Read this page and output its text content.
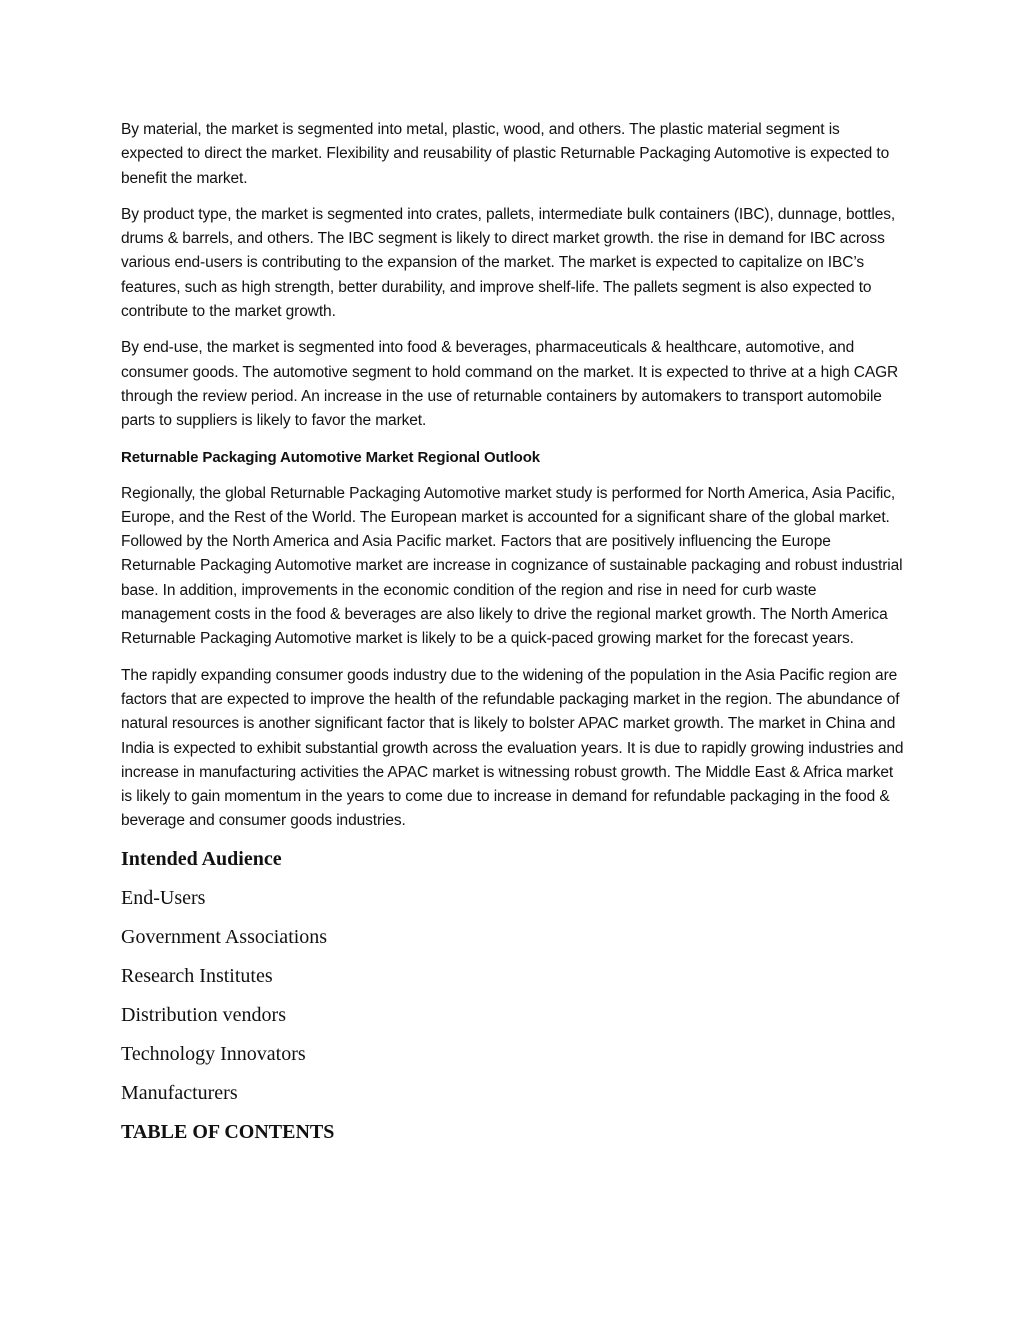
By material, the market is segmented into metal, plastic, wood, and others. The plastic material segment is expected to direct the market. Flexibility and reusability of plastic Returnable Packaging Automotive is expected to benefit the market.

By product type, the market is segmented into crates, pallets, intermediate bulk containers (IBC), dunnage, bottles, drums & barrels, and others. The IBC segment is likely to direct market growth. the rise in demand for IBC across various end-users is contributing to the expansion of the market. The market is expected to capitalize on IBC’s features, such as high strength, better durability, and improve shelf-life. The pallets segment is also expected to contribute to the market growth.

By end-use, the market is segmented into food & beverages, pharmaceuticals & healthcare, automotive, and consumer goods. The automotive segment to hold command on the market. It is expected to thrive at a high CAGR through the review period. An increase in the use of returnable containers by automakers to transport automobile parts to suppliers is likely to favor the market.

Returnable Packaging Automotive Market Regional Outlook

Regionally, the global Returnable Packaging Automotive market study is performed for North America, Asia Pacific, Europe, and the Rest of the World. The European market is accounted for a significant share of the global market. Followed by the North America and Asia Pacific market. Factors that are positively influencing the Europe Returnable Packaging Automotive market are increase in cognizance of sustainable packaging and robust industrial base. In addition, improvements in the economic condition of the region and rise in need for curb waste management costs in the food & beverages are also likely to drive the regional market growth. The North America Returnable Packaging Automotive market is likely to be a quick-paced growing market for the forecast years.

The rapidly expanding consumer goods industry due to the widening of the population in the Asia Pacific region are factors that are expected to improve the health of the refundable packaging market in the region. The abundance of natural resources is another significant factor that is likely to bolster APAC market growth. The market in China and India is expected to exhibit substantial growth across the evaluation years. It is due to rapidly growing industries and increase in manufacturing activities the APAC market is witnessing robust growth. The Middle East & Africa market is likely to gain momentum in the years to come due to increase in demand for refundable packaging in the food & beverage and consumer goods industries.

Intended Audience
End-Users
Government Associations
Research Institutes
Distribution vendors
Technology Innovators
Manufacturers
TABLE OF CONTENTS
